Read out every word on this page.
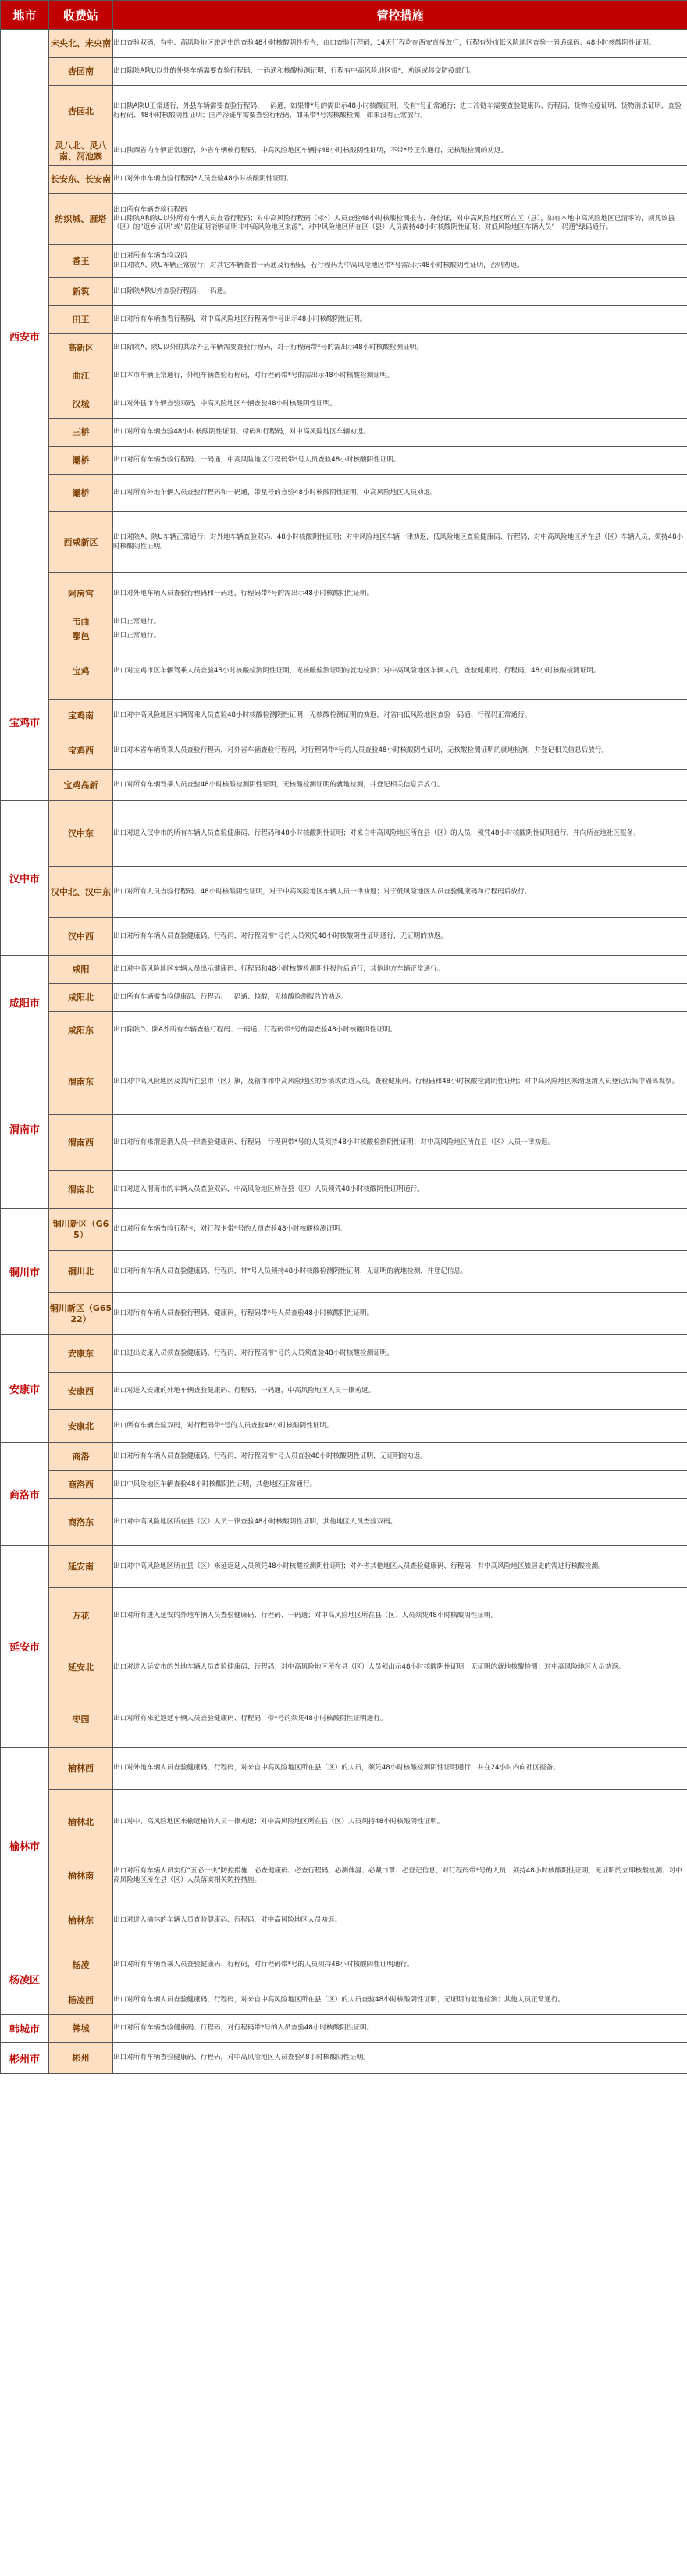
地市	收费站	管控措施
西安市	未央北、未央南	出口查验双码，有中、高风险地区旅居史的查验48小时核酸阴性报告，由口查验行程码，14天行程均在西安直接放行，行程有外市低风险地区查验一码通绿码、48小时核酸阴性证明。

	杏园南	出口除陕A陕U以外的外县车辆需要查验行程码、一码通和核酸检测证明，行程有中高风险地区带*，劝返或移交防疫部门。

	杏园北	出口陕A陕U正常通行，外县车辆需要查验行程码、一码通，如果带*号的需出示48小时核酸证明，没有*号正常通行；进口冷链车需要查验健康码、行程码、货物检疫证明、货物消杀证明，查验行程码、48小时核酸阴性证明；国产冷链车需要查验行程码，如果带*号需核酸检测，如果没有正常放行。

	灵八北、灵八南、河池寨	出口陕西省内车辆正常通行，外省车辆核行程码，中高风险地区车辆持48小时核酸阴性证明，不带*号正常通行，无核酸检测的劝返。

	长安东、长安南	出口对外市车辆查验行程码*人员查验48小时核酸阴性证明。

	纺织城、雁塔	出口所有车辆查验行程码
出口除陕A和陕U以外所有车辆人员查看行程码；对中高风险行程码（标*）人员查验48小时核酸检测报告、身份证，对中高风险地区所在区（县），如有本地中高风险地区已清零的，须凭该县（区）的“返乡证明”或“居住证明能够证明非中高风险地区来源”，对中风险地区所在区（县）人员需持48小时核酸阴性证明；对低风险地区车辆人员“一码通”绿码通行。

	香王	出口对所有车辆查验双码
出口对陕A、陕U车辆正常放行；对其它车辆查看一码通及行程码，若行程码为中高风险地区带*号需出示48小时核酸阴性证明，否则劝返。

	新筑	出口除陕A陕U外查验行程码、一码通。

	田王	出口对所有车辆查看行程码，对中高风险地区行程码带*号出示48小时核酸阴性证明。

	高新区	出口除陕A、陕U以外的其余外县车辆需要查验行程码，对于行程码带*号的需出示48小时核酸检测证明。

	曲江	出口本市车辆正常通行，外地车辆查验行程码，对行程码带*号的需出示48小时核酸检测证明。

	汉城	出口对外县市车辆查验双码，中高风险地区车辆查验48小时核酸阴性证明。

	三桥	出口对所有车辆查验48小时核酸阴性证明、绿码和行程码，对中高风险地区车辆劝返。

	灞桥	出口对所有车辆查验行程码、一码通，中高风险地区行程码带*号人员查验48小时核酸阴性证明。

	灞桥	出口对所有外地车辆人员查验行程码和一码通，带星号的查验48小时核酸阴性证明，中高风险地区人员劝返。

	西咸新区	出口对陕A、陕U车辆正常通行；对外地车辆查验双码、48小时核酸阴性证明；对中风险地区车辆一律劝返，低风险地区查验健康码、行程码，对中高风险地区所在县（区）车辆人员，须持48小时核酸阴性证明。

	阿房宫	出口对外地车辆人员查验行程码和一码通，行程码带*号的需出示48小时核酸阴性证明。

	韦曲	出口正常通行。

	鄠邑	出口正常通行。

宝鸡市	宝鸡	出口对宝鸡市区车辆驾乘人员查验48小时核酸检测阴性证明，无核酸检测证明的就地检测；对中高风险地区车辆人员，查验健康码、行程码、48小时核酸检测证明。

	宝鸡南	出口对中高风险地区车辆驾乘人员查验48小时核酸检测阴性证明，无核酸检测证明的劝返，对省内低风险地区查验一码通、行程码正常通行。

	宝鸡西	出口对本省车辆驾乘人员查验行程码，对外省车辆查验行程码，对行程码带*号的人员查验48小时核酸阴性证明，无核酸检测证明的就地检测，并登记相关信息后放行。

	宝鸡高新	出口对所有车辆驾乘人员查验48小时核酸检测阴性证明，无核酸检测证明的就地检测，并登记相关信息后放行。

汉中市	汉中东	出口对进入汉中市的所有车辆人员查验健康码、行程码和48小时核酸阴性证明；对来自中高风险地区所在县（区）的人员，须凭48小时核酸阴性证明通行，并向所在地社区报备。

	汉中北、汉中东	出口对所有人员查验行程码、48小时核酸阴性证明，对于中高风险地区车辆人员一律劝返；对于低风险地区人员查验健康码和行程码后放行。

	汉中西	出口对所有车辆人员查验健康码、行程码，对行程码带*号的人员须凭48小时核酸阴性证明通行，无证明的劝返。

咸阳市	咸阳	出口对中高风险地区车辆人员出示健康码、行程码和48小时核酸检测阴性报告后通行，其他地方车辆正常通行。

	咸阳北	出口所有车辆需查验健康码、行程码、一码通、核酸，无核酸检测报告的劝返。

	咸阳东	出口除陕D、陕A外所有车辆查验行程码、一码通，行程码带*号的需查验48小时核酸阴性证明。

渭南市	渭南东	出口对中高风险地区及其所在县市（区）旗，及辖市和中高风险地区的乡镇或街道人员，查验健康码、行程码和48小时核酸检测阴性证明；对中高风险地区来渭返渭人员登记后集中隔离观察。

	渭南西	出口对所有来渭返渭人员一律查验健康码、行程码，行程码带*号的人员须持48小时核酸检测阴性证明；对中高风险地区所在县（区）人员一律劝返。

	渭南北	出口对进入渭南市的车辆人员查验双码，中高风险地区所在县（区）人员须凭48小时核酸阴性证明通行。

铜川市	铜川新区（G65）	出口对所有车辆查验行程卡，对行程卡带*号的人员查验48小时核酸检测证明。

	铜川北	出口对所有车辆人员查验健康码、行程码，带*号人员须持48小时核酸检测阴性证明，无证明的就地检测，并登记信息。

	铜川新区（G6522）	出口对所有车辆人员查验行程码、健康码，行程码带*号人员查验48小时核酸阴性证明。

安康市	安康东	出口进出安康人员须查验健康码、行程码，对行程码带*号的人员须查验48小时核酸检测证明。

	安康西	出口对进入安康的外地车辆查验健康码、行程码、一码通，中高风险地区人员一律劝返。

	安康北	出口所有车辆查验双码，对行程码带*号的人员查验48小时核酸阴性证明。

商洛市	商洛	出口对所有车辆人员查验健康码、行程码，对行程码带*号人员查验48小时核酸阴性证明，无证明的劝返。

	商洛西	出口中风险地区车辆查验48小时核酸阴性证明，其他地区正常通行。

	商洛东	出口对中高风险地区所在县（区）人员一律查验48小时核酸阴性证明，其他地区人员查验双码。

延安市	延安南	出口对中高风险地区所在县（区）来延返延人员须凭48小时核酸检测阴性证明；对外省其他地区人员查验健康码、行程码，有中高风险地区旅居史的需进行核酸检测。

	万花	出口对所有进入延安的外地车辆人员查验健康码、行程码、一码通；对中高风险地区所在县（区）人员须凭48小时核酸阴性证明。

	延安北	出口对进入延安市的外地车辆人员查验健康码、行程码；对中高风险地区所在县（区）人员须出示48小时核酸阴性证明，无证明的就地核酸检测；对中高风险地区人员劝返。

	枣园	出口对所有来延返延车辆人员查验健康码、行程码，带*号的须凭48小时核酸阴性证明通行。

榆林市	榆林西	出口对外地车辆人员查验健康码、行程码，对来自中高风险地区所在县（区）的人员，须凭48小时核酸检测阴性证明通行，并在24小时内向社区报备。

	榆林北	出口对中、高风险地区来榆返榆的人员一律劝返；对中高风险地区所在县（区）人员须持48小时核酸阴性证明。

	榆林南	出口对所有车辆人员实行“五必一快”防控措施：必查健康码、必查行程码、必测体温、必戴口罩、必登记信息，对行程码带*号的人员，须持48小时核酸阴性证明，无证明的立即核酸检测；对中高风险地区所在县（区）人员落实相关防控措施。

	榆林东	出口对进入榆林的车辆人员查验健康码、行程码，对中高风险地区人员劝返。

杨凌区	杨凌	出口对所有车辆驾乘人员查验健康码、行程码，对行程码带*号的人员须持48小时核酸阴性证明通行。

	杨凌西	出口对所有车辆人员查验健康码、行程码，对来自中高风险地区所在县（区）的人员查验48小时核酸阴性证明，无证明的就地检测；其他人员正常通行。

韩城市	韩城	出口对所有车辆查验健康码、行程码，对行程码带*号的人员查验48小时核酸阴性证明。

彬州市	彬州	出口对所有车辆查验健康码、行程码，对中高风险地区人员查验48小时核酸阴性证明。
